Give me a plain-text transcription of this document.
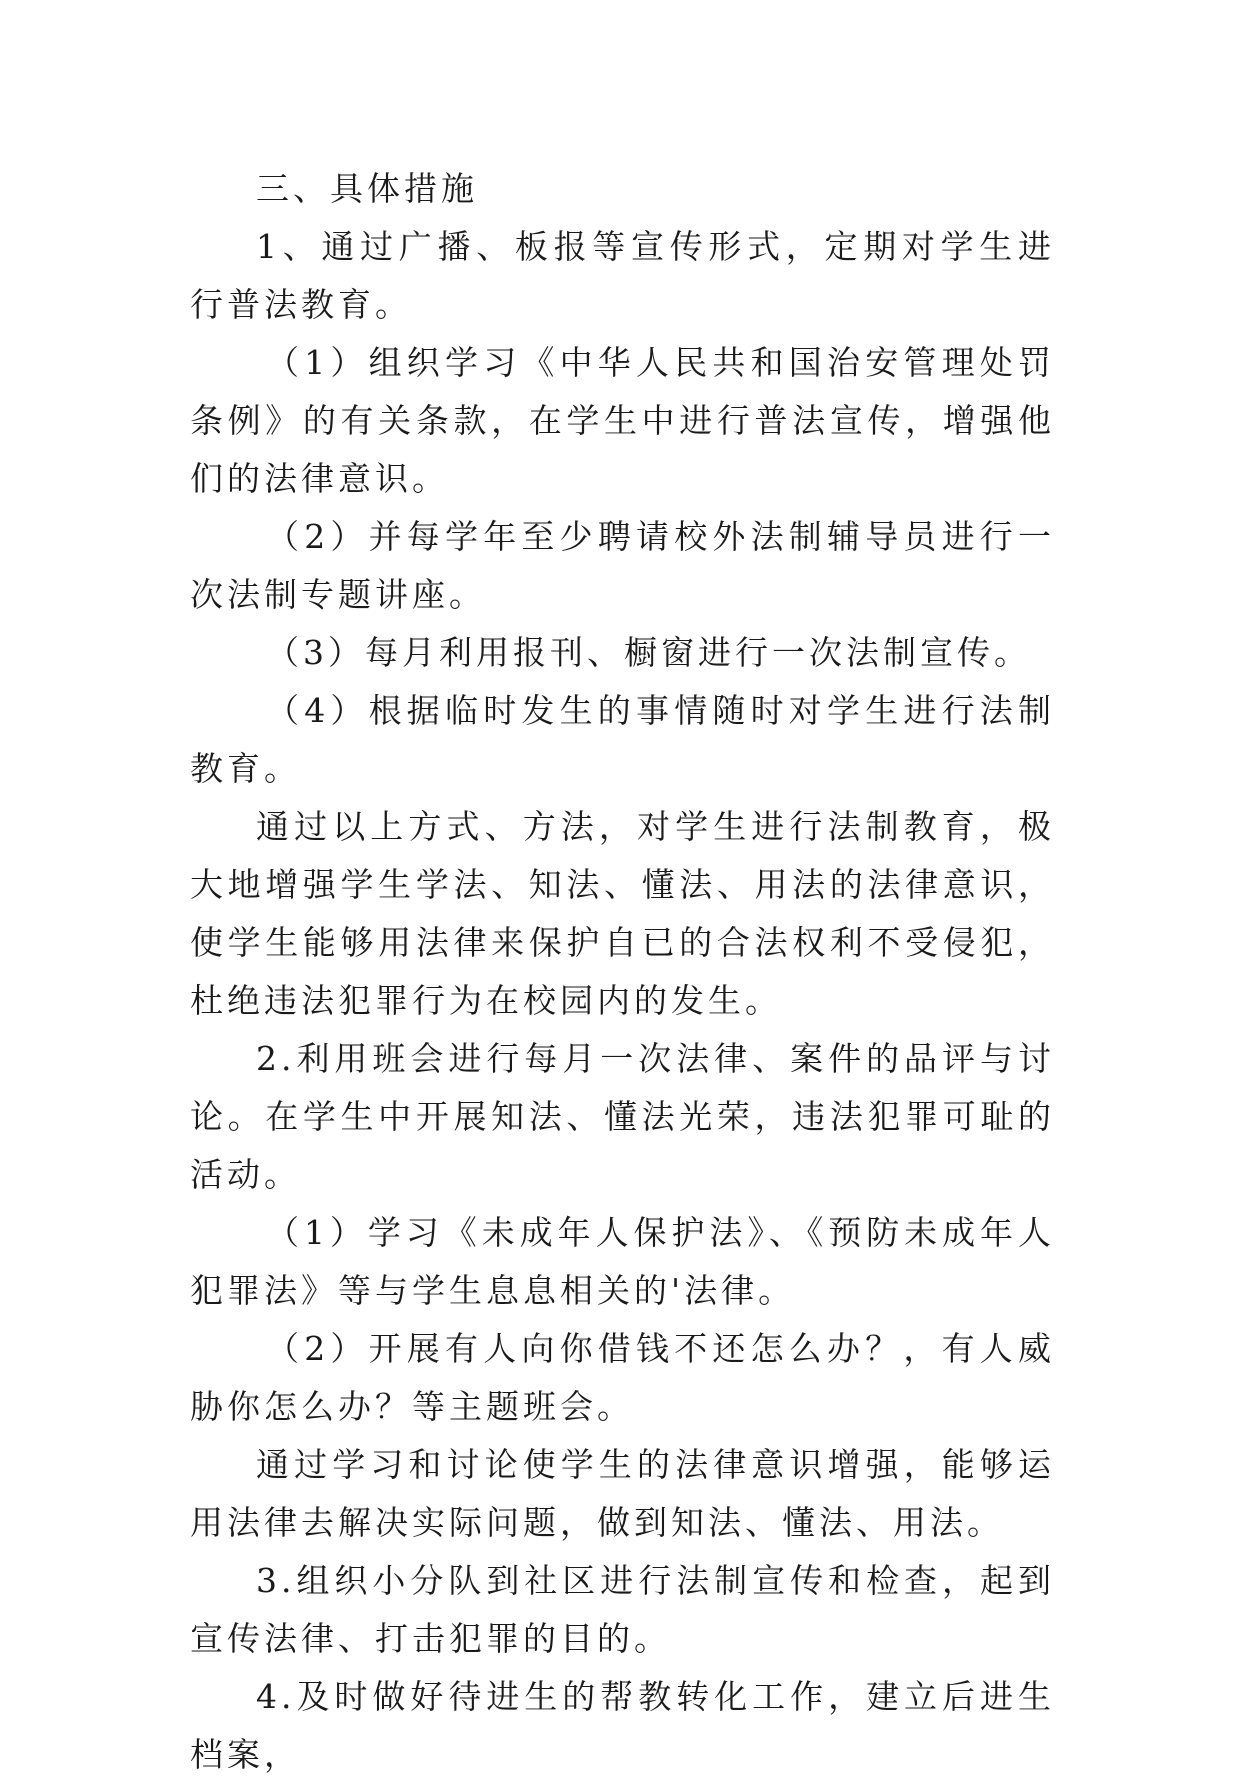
三、具体措施

1、通过广播、板报等宣传形式，定期对学生进行普法教育。

（1）组织学习《中华人民共和国治安管理处罚条例》的有关条款，在学生中进行普法宣传，增强他们的法律意识。

（2）并每学年至少聘请校外法制辅导员进行一次法制专题讲座。

（3）每月利用报刊、橱窗进行一次法制宣传。

（4）根据临时发生的事情随时对学生进行法制教育。

通过以上方式、方法，对学生进行法制教育，极大地增强学生学法、知法、懂法、用法的法律意识，使学生能够用法律来保护自已的合法权利不受侵犯，杜绝违法犯罪行为在校园内的发生。

2.利用班会进行每月一次法律、案件的品评与讨论。在学生中开展知法、懂法光荣，违法犯罪可耻的活动。

（1）学习《未成年人保护法》、《预防未成年人犯罪法》等与学生息息相关的'法律。

（2）开展有人向你借钱不还怎么办？，有人威胁你怎么办？等主题班会。

通过学习和讨论使学生的法律意识增强，能够运用法律去解决实际问题，做到知法、懂法、用法。

3.组织小分队到社区进行法制宣传和检查，起到宣传法律、打击犯罪的目的。

4.及时做好待进生的帮教转化工作，建立后进生档案，
